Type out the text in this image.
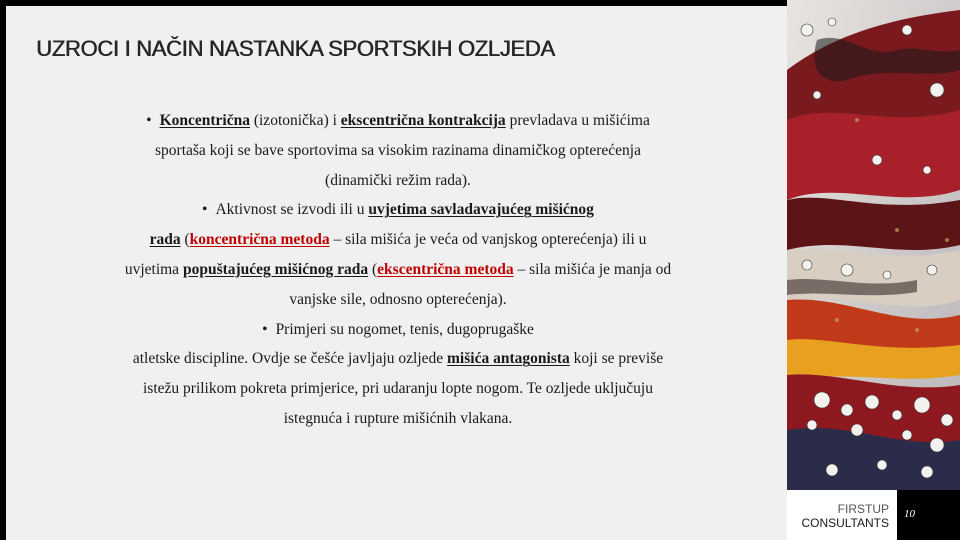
UZROCI I NAČIN NASTANKA SPORTSKIH OZLJEDA
• Koncentrična (izotonička) i ekscentrična kontrakcija prevladava u mišićima
sportaša koji se bave sportovima sa visokim razinama dinamičkog opterećenja
(dinamički režim rada).
• Aktivnost se izvodi ili u uvjetima savladavajućeg mišićnog
rada (koncentrična metoda – sila mišića je veća od vanjskog opterećenja) ili u
uvjetima popuštajućeg mišićnog rada (ekscentrična metoda – sila mišića je manja od
vanjske sile, odnosno opterećenja).
• Primjeri su nogomet, tenis, dugoprugaške
atletske discipline. Ovdje se češće javljaju ozljede mišića antagonista koji se previše
istežu prilikom pokreta primjerice, pri udaranju lopte nogom. Te ozljede uključuju
istegnuća i rupture mišićnih vlakana.
FIRSTUP
CONSULTANTS
10
